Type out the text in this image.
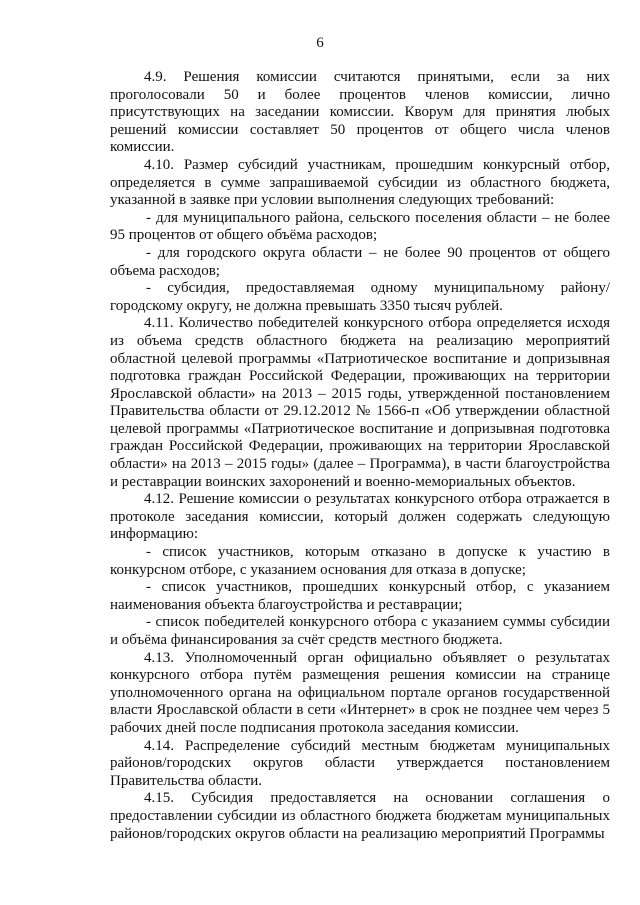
6

4.9. Решения комиссии считаются принятыми, если за них проголосовали 50 и более процентов членов комиссии, лично присутствующих на заседании комиссии. Кворум для принятия любых решений комиссии составляет 50 процентов от общего числа членов комиссии.

4.10. Размер субсидий участникам, прошедшим конкурсный отбор, определяется в сумме запрашиваемой субсидии из областного бюджета, указанной в заявке при условии выполнения следующих требований:

- для муниципального района, сельского поселения области – не более 95 процентов от общего объёма расходов;

- для городского округа области – не более 90 процентов от общего объема расходов;

- субсидия, предоставляемая одному муниципальному району/ городскому округу, не должна превышать 3350 тысяч рублей.

4.11. Количество победителей конкурсного отбора определяется исходя из объема средств областного бюджета на реализацию мероприятий областной целевой программы «Патриотическое воспитание и допризывная подготовка граждан Российской Федерации, проживающих на территории Ярославской области» на 2013 – 2015 годы, утвержденной постановлением Правительства области от 29.12.2012 № 1566-п «Об утверждении областной целевой программы «Патриотическое воспитание и допризывная подготовка граждан Российской Федерации, проживающих на территории Ярославской области» на 2013 – 2015 годы» (далее – Программа), в части благоустройства и реставрации воинских захоронений и военно-мемориальных объектов.

4.12. Решение комиссии о результатах конкурсного отбора отражается в протоколе заседания комиссии, который должен содержать следующую информацию:

- список участников, которым отказано в допуске к участию в конкурсном отборе, с указанием основания для отказа в допуске;

- список участников, прошедших конкурсный отбор, с указанием наименования объекта благоустройства и реставрации;

- список победителей конкурсного отбора с указанием суммы субсидии и объёма финансирования за счёт средств местного бюджета.

4.13. Уполномоченный орган официально объявляет о результатах конкурсного отбора путём размещения решения комиссии на странице уполномоченного органа на официальном портале органов государственной власти Ярославской области в сети «Интернет» в срок не позднее чем через 5 рабочих дней после подписания протокола заседания комиссии.

4.14. Распределение субсидий местным бюджетам муниципальных районов/городских округов области утверждается постановлением Правительства области.

4.15. Субсидия предоставляется на основании соглашения о предоставлении субсидии из областного бюджета бюджетам муниципальных районов/городских округов области на реализацию мероприятий Программы
